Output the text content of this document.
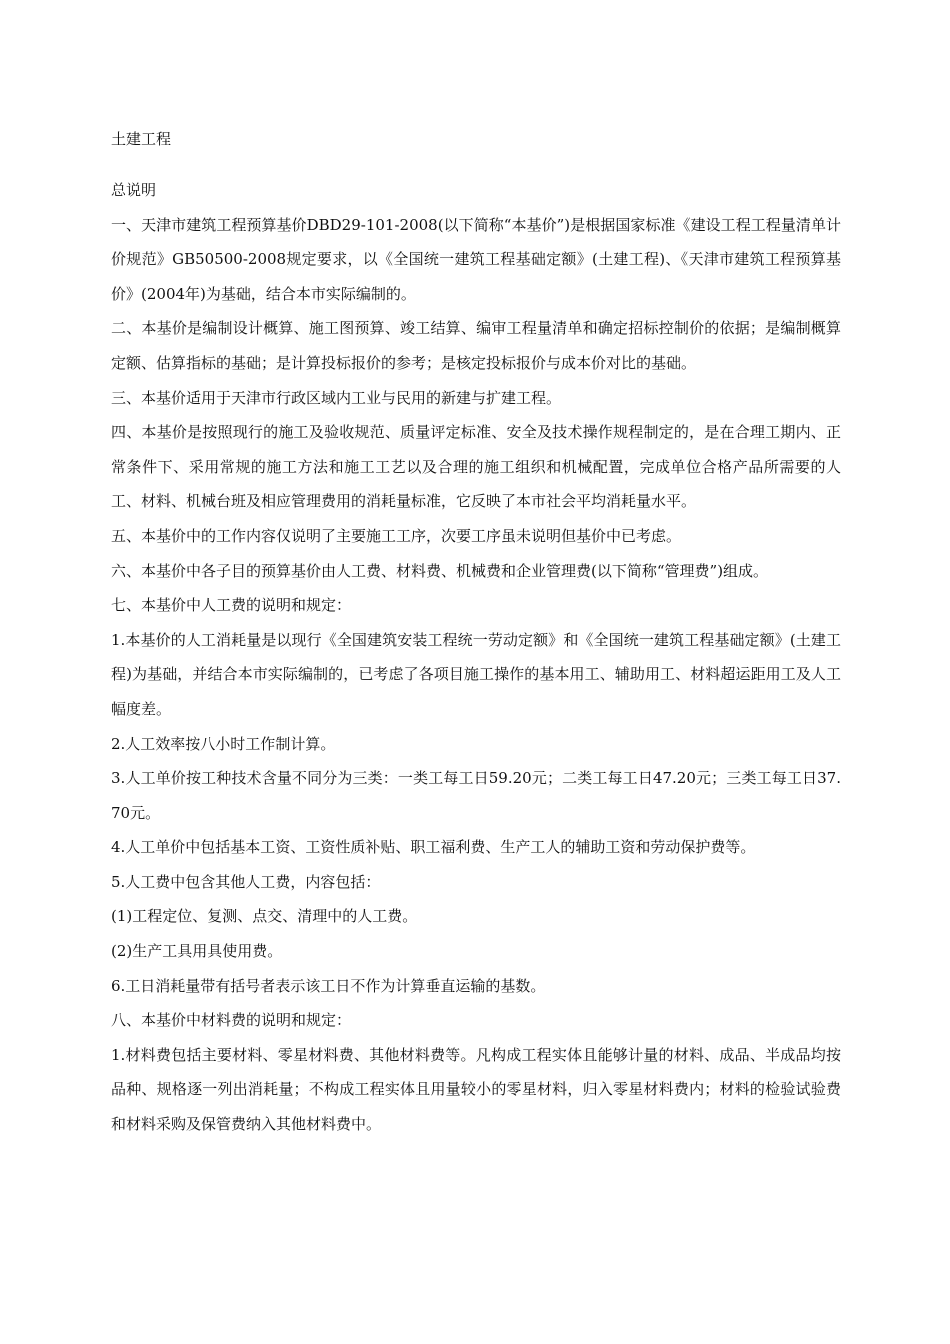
土建工程

总说明

一、天津市建筑工程预算基价DBD29-101-2008(以下简称“本基价”)是根据国家标准《建设工程工程量清单计价规范》GB50500-2008规定要求，以《全国统一建筑工程基础定额》(土建工程)、《天津市建筑工程预算基价》(2004年)为基础，结合本市实际编制的。

二、本基价是编制设计概算、施工图预算、竣工结算、编审工程量清单和确定招标控制价的依据；是编制概算定额、估算指标的基础；是计算投标报价的参考；是核定投标报价与成本价对比的基础。

三、本基价适用于天津市行政区域内工业与民用的新建与扩建工程。

四、本基价是按照现行的施工及验收规范、质量评定标准、安全及技术操作规程制定的，是在合理工期内、正常条件下、采用常规的施工方法和施工工艺以及合理的施工组织和机械配置，完成单位合格产品所需要的人工、材料、机械台班及相应管理费用的消耗量标准，它反映了本市社会平均消耗量水平。

五、本基价中的工作内容仅说明了主要施工工序，次要工序虽未说明但基价中已考虑。

六、本基价中各子目的预算基价由人工费、材料费、机械费和企业管理费(以下简称“管理费”)组成。

七、本基价中人工费的说明和规定：

1.本基价的人工消耗量是以现行《全国建筑安装工程统一劳动定额》和《全国统一建筑工程基础定额》(土建工程)为基础，并结合本市实际编制的，已考虑了各项目施工操作的基本用工、辅助用工、材料超运距用工及人工幅度差。

2.人工效率按八小时工作制计算。

3.人工单价按工种技术含量不同分为三类：一类工每工日59.20元；二类工每工日47.20元；三类工每工日37.70元。

4.人工单价中包括基本工资、工资性质补贴、职工福利费、生产工人的辅助工资和劳动保护费等。

5.人工费中包含其他人工费，内容包括：

(1)工程定位、复测、点交、清理中的人工费。

(2)生产工具用具使用费。

6.工日消耗量带有括号者表示该工日不作为计算垂直运输的基数。

八、本基价中材料费的说明和规定：

1.材料费包括主要材料、零星材料费、其他材料费等。凡构成工程实体且能够计量的材料、成品、半成品均按品种、规格逐一列出消耗量；不构成工程实体且用量较小的零星材料，归入零星材料费内；材料的检验试验费和材料采购及保管费纳入其他材料费中。
